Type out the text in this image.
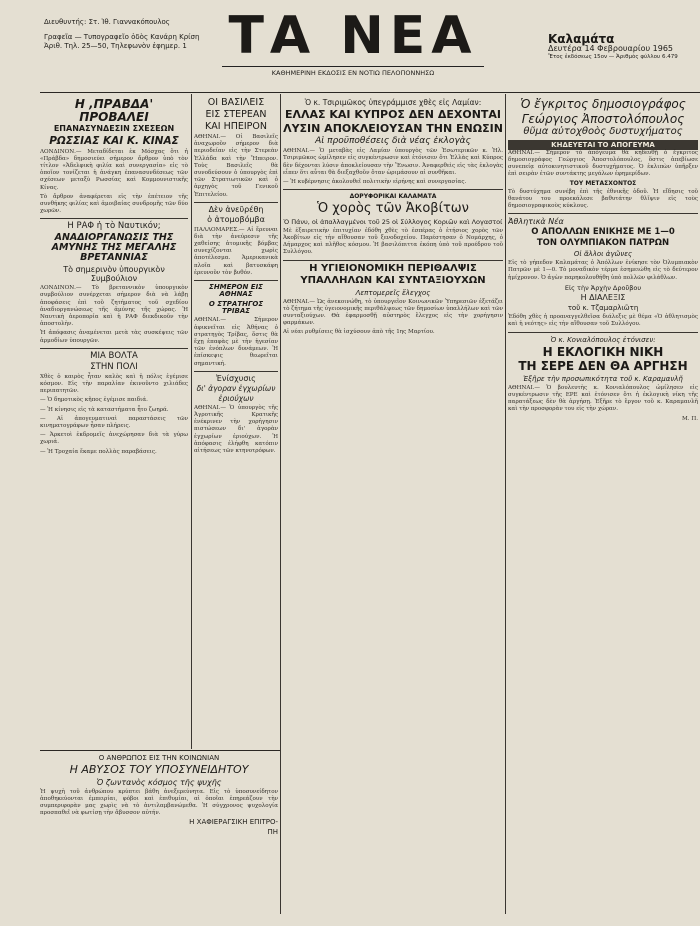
Διευθυντής: Στ. Ἰθ. Γιαννακόπουλος
Γραφεῖα — Τυπογραφεῖο ὁδὸς Κανάρη Κρίση
Ἀριθ. Τηλ. 25—50, Τηλεφωνὸν ἐφημερ. 1 ΤΑ ΝΕΑ
ΚΑΘΗΜΕΡΙΝΗ ΕΚΔΟΣΙΣ ΕΝ ΝΟΤΙΩ ΠΕΛΟΠΟΝΝΗΣΩ
Καλαμάτα
Δευτέρα 14 Φεβρουαρίου 1965
Ἔτος ἐκδόσεως 15ον — Ἀριθμὸς φύλλου 6.479
Η ‚ΠΡΑΒΔΑ' ΠΡΟΒΑΛΕΙ
ΕΠΑΝΑΣΥΝΔΕΣΙΝ ΣΧΕΣΕΩΝ
ΡΩΣΣΙΑΣ ΚΑΙ Κ. ΚΙΝΑΣ

ΛΟΝΔΙΝΟΝ.— Μεταδίδεται ἐκ Μόσχας ὅτι ἡ «Πράβδα» δημοσιεύει σήμερον ἄρθρον ὑπὸ τὸν τίτλον «Ἀδελφικὴ φιλία καὶ συνεργασία» εἰς τὸ ὁποῖον τονίζεται ἡ ἀνάγκη ἐπανασυνδέσεως τῶν σχέσεων μεταξὺ Ρωσσίας καὶ Κομμουνιστικῆς Κίνας.

Τὸ ἄρθρον ἀναφέρεται εἰς τὴν ἐπέτειον τῆς συνθήκης φιλίας καὶ ἀμοιβαίας συνδρομῆς τῶν δύο χωρῶν.

Η ΡΑΦ ἡ τὸ Ναυτικόν;
ΑΝΑΔΙΟΡΓΑΝΩΣΙΣ ΤΗΣ ΑΜΥΝΗΣ ΤΗΣ ΜΕΓΑΛΗΣ ΒΡΕΤΑΝΝΙΑΣ
Τὸ σημερινὸν ὑπουργικὸν Συμβούλιον

ΛΟΝΔΙΝΟΝ.— Τὸ βρεταννικὸν ὑπουργικὸν συμβούλιον συνέρχεται σήμερον διὰ νὰ λάβῃ ἀποφάσεις ἐπὶ τοῦ ζητήματος τοῦ σχεδίου ἀναδιοργανώσεως τῆς ἀμύνης τῆς χώρας. Ἡ Ναυτικὴ ἀεροπορία καὶ ἡ ΡΑΦ διεκδικοῦν τὴν ἀποστολὴν.

Ἡ ἀπόφασις ἀναμένεται μετὰ τὰς συσκέψεις τῶν ἀρμοδίων ὑπουργῶν.

ΜΙΑ ΒΟΛΤΑ
ΣΤΗΝ ΠΟΛΙ

Χθὲς ὁ καιρὸς ἦταν καλὸς καὶ ἡ πόλις ἐγέμισε κόσμον. Εἰς τὴν παραλίαν ἐκινοῦντο χιλιάδες περιπατητῶν.

— Ὁ δημοτικὸς κῆπος ἐγέμισε παιδιά.

— Ἡ κίνησις εἰς τὰ καταστήματα ἦτο ζωηρά.

— Αἱ ἀπογευματιναὶ παραστάσεις τῶν κινηματογράφων ἦσαν πλήρεις.

— Ἀρκετοὶ ἐκδρομεῖς ἀνεχώρησαν διὰ τὰ γύρω χωριά.

— Ἡ Τροχαία ἔκαμε πολλὰς παραβάσεις.

ΟΙ ΒΑΣΙΛΕΙΣ
ΕΙΣ ΣΤΕΡΕΑΝ
ΚΑΙ ΗΠΕΙΡΟΝ

ΑΘΗΝΑΙ.— Οἱ Βασιλεῖς ἀναχωροῦν σήμερον διὰ περιοδείαν εἰς τὴν Στερεὰν Ἑλλάδα καὶ τὴν Ἤπειρον. Τοὺς Βασιλεῖς θὰ συνοδεύσουν ὁ ὑπουργὸς ἐπὶ τῶν Στρατιωτικῶν καὶ ὁ ἀρχηγὸς τοῦ Γενικοῦ Ἐπιτελείου.

Δὲν ἀνεῦρέθη
ὁ ἀτομοβόμβα

ΠΑΛΛΟΜΑΡΕΣ.— Αἱ ἔρευναι διὰ τὴν ἀνεύρεσιν τῆς χαθείσης ἀτομικῆς βόμβας συνεχίζονται χωρὶς ἀποτέλεσμα. Ἀμερικανικὰ πλοῖα καὶ βατυσκάφη ἐρευνοῦν τὸν βυθόν.

ΣΗΜΕΡΟΝ ΕΙΣ ΑΘΗΝΑΣ
Ο ΣΤΡΑΤΗΓΟΣ ΤΡΙΒΑΣ

ΑΘΗΝΑΙ.— Σήμερον ἀφικνεῖται εἰς Ἀθήνας ὁ στρατηγὸς Τρίβας, ὅστις θὰ ἔχῃ ἐπαφὰς μὲ τὴν ἡγεσίαν τῶν ἐνόπλων δυνάμεων. Ἡ ἐπίσκεψις θεωρεῖται σημαντική.

Ἐνίσχυσις
δι' ἀγοραν ἐγχωρίων
ἐριούχων

ΑΘΗΝΑΙ.— Ὁ ὑπουργὸς τῆς Ἀγροτικῆς Κρατικῆς ἐνέκρινεν τὴν χορήγησιν πιστώσεων δι' ἀγορὰν ἐγχωρίων ἐριούχων. Ἡ ἀπόφασις ἐλήφθη κατόπιν αἰτήσεως τῶν κτηνοτρόφων.

Ὁ κ. Τσιριμῶκος ὑπεγράμμισε χθὲς εἰς Λαμίαν:
ΕΛΛΑΣ ΚΑΙ ΚΥΠΡΟΣ ΔΕΝ ΔΕΧΟΝΤΑΙ
ΛΥΣΙΝ ΑΠΟΚΛΕΙΟΥΣΑΝ ΤΗΝ ΕΝΩΣΙΝ
Αἱ προϋποθέσεις διὰ νέας ἐκλογὰς

ΑΘΗΝΑΙ.— Ὁ μεταβὰς εἰς Λαμίαν ὑπουργὸς τῶν Ἐσωτερικῶν κ. Ἠλ. Τσιριμῶκος ὡμίλησεν εἰς συγκέντρωσιν καὶ ἐτόνισεν ὅτι Ἑλλὰς καὶ Κύπρος δὲν δέχονται λύσιν ἀποκλείουσαν τὴν Ἕνωσιν. Ἀναφερθεὶς εἰς τὰς ἐκλογὰς εἶπεν ὅτι αὗται θὰ διεξαχθοῦν ὅταν ὡριμάσουν αἱ συνθῆκαι.

— Ἡ κυβέρνησις ἀκολουθεῖ πολιτικὴν εἰρήνης καὶ συνεργασίας.

ΔΟΡΥΦΟΡΙΚΑΙ ΚΑΛΑΜΑΤΑ
Ὁ χορὸς τῶν Ἀκοβίτων
Ὁ Πάνυ, οἱ ἀπαλλαγμένοι τοῦ 25 οἱ Σύλλογος Κοριῶν καὶ Λογαστοί

Μὲ ἐξαιρετικὴν ἐπιτυχίαν ἐδόθη χθὲς τὸ ἑσπέρας ὁ ἐτήσιος χορὸς τῶν Ἀκοβίτων εἰς τὴν αἴθουσαν τοῦ ξενοδοχείου. Παρέστησαν ὁ Νομάρχης, ὁ Δήμαρχος καὶ πλῆθος κόσμου. Ἡ βασιλόπιττα ἐκόπη ὑπὸ τοῦ προέδρου τοῦ Συλλόγου.

Η ΥΓΙΕΙΟΝΟΜΙΚΗ ΠΕΡΙΘΑΛΨΙΣ
ΥΠΑΛΛΗΛΩΝ ΚΑΙ ΣΥΝΤΑΞΙΟΥΧΩΝ
Λεπτομερεῖς ἔλεγχος

ΑΘΗΝΑΙ.— Ὡς ἀνεκοινώθη, τὸ ὑπουργεῖον Κοινωνικῶν Ὑπηρεσιῶν ἐξετάζει τὸ ζήτημα τῆς ὑγειονομικῆς περιθάλψεως τῶν δημοσίων ὑπαλλήλων καὶ τῶν συνταξιούχων. Θὰ ἐφαρμοσθῇ αὐστηρὸς ἔλεγχος εἰς τὴν χορήγησιν φαρμάκων.

Αἱ νέαι ρυθμίσεις θὰ ἰσχύσουν ἀπὸ τῆς 1ης Μαρτίου.

Ὁ ἔγκριτος δημοσιογράφος
Γεώργιος Ἀποστολόπουλος
θῦμα αὐτοχθοὸς δυστυχήματος
ΚΗΔΕΥΕΤΑΙ ΤΟ ΑΠΟΓΕΥΜΑ

ΑΘΗΝΑΙ.— Σήμερον τὸ ἀπόγευμα θὰ κηδευθῇ ὁ ἔγκριτος δημοσιογράφος Γεώργιος Ἀποστολόπουλος, ὅστις ἀπεβίωσε συνεπείᾳ αὐτοκινητιστικοῦ δυστυχήματος. Ὁ ἐκλιπὼν ὑπῆρξεν ἐπὶ σειρὰν ἐτῶν συντάκτης μεγάλων ἐφημερίδων.

ΤΟΥ ΜΕΤΑΣΧΟΝΤΟΣ

Τὸ δυστύχημα συνέβη ἐπὶ τῆς ἐθνικῆς ὁδοῦ. Ἡ εἴδησις τοῦ θανάτου του προεκάλεσε βαθυτάτην θλῖψιν εἰς τοὺς δημοσιογραφικοὺς κύκλους.

Ἀθλητικὰ Νέα
Ο ΑΠΟΛΛΩΝ ΕΝΙΚΗΣΕ ΜΕ 1—0
ΤΟΝ ΟΛΥΜΠΙΑΚΟΝ ΠΑΤΡΩΝ
Οἱ ἄλλοι ἀγῶνες

Εἰς τὸ γήπεδον Καλαμάτας ὁ Ἀπόλλων ἐνίκησε τὸν Ὀλυμπιακὸν Πατρῶν μὲ 1—0. Τὸ μοναδικὸν τέρμα ἐσημειώθη εἰς τὸ δεύτερον ἡμίχρονον. Ὁ ἀγὼν παρηκολουθήθη ὑπὸ πολλῶν φιλάθλων.

Εἰς τὴν Ἀρχὴν Δροῦβου
Η ΔΙΑΛΕΞΙΣ
τοῦ κ. Τζαμαρλιῶτη

Ἐδόθη χθὲς ἡ προαναγγελθεῖσα διάλεξις μὲ θέμα «Ὁ ἀθλητισμὸς καὶ ἡ νεότης» εἰς τὴν αἴθουσαν τοῦ Συλλόγου.

Ὁ κ. Κονιαλόπουλος ἐτόνισεν:
Η ΕΚΛΟΓΙΚΗ ΝΙΚΗ
ΤΗ ΣΕΡΕ ΔΕΝ ΘΑ ΑΡΓΗΣΗ
Ἐξῆρε τὴν προσωπικότητα τοῦ κ. Καραμανλῆ

ΑΘΗΝΑΙ.— Ὁ βουλευτὴς κ. Κονιαλόπουλος ὡμίλησεν εἰς συγκέντρωσιν τῆς ΕΡΕ καὶ ἐτόνισεν ὅτι ἡ ἐκλογικὴ νίκη τῆς παρατάξεως δὲν θὰ ἀργήσῃ. Ἐξῆρε τὸ ἔργον τοῦ κ. Καραμανλῆ καὶ τὴν προσφορὰν του εἰς τὴν χώραν.

Μ. Π.
Ο ΑΝΘΡΩΠΟΣ ΕΙΣ ΤΗΝ ΚΟΙΝΩΝΙΑΝ
Η ΑΒΥΣΟΣ ΤΟΥ ΥΠΟΣΥΝΕΙΔΗΤΟΥ
Ὁ ζωντανὸς κόσμος τῆς ψυχῆς

Ἡ ψυχὴ τοῦ ἀνθρώπου κρύπτει βάθη ἀνεξερεύνητα. Εἰς τὸ ὑποσυνείδητον ἀποθηκεύονται ἐμπειρίαι, φόβοι καὶ ἐπιθυμίαι, αἱ ὁποῖαι ἐπηρεάζουν τὴν συμπεριφορὰν μας χωρὶς νὰ τὸ ἀντιλαμβανώμεθα. Ἡ σύγχρονος ψυχολογία προσπαθεῖ νὰ φωτίσῃ τὴν ἄβυσσον αὐτήν.

Η ΧΑΦΙΕΡΑΓΣΙΚΗ ΕΠΙΤΡΟ-
ΠΗ
